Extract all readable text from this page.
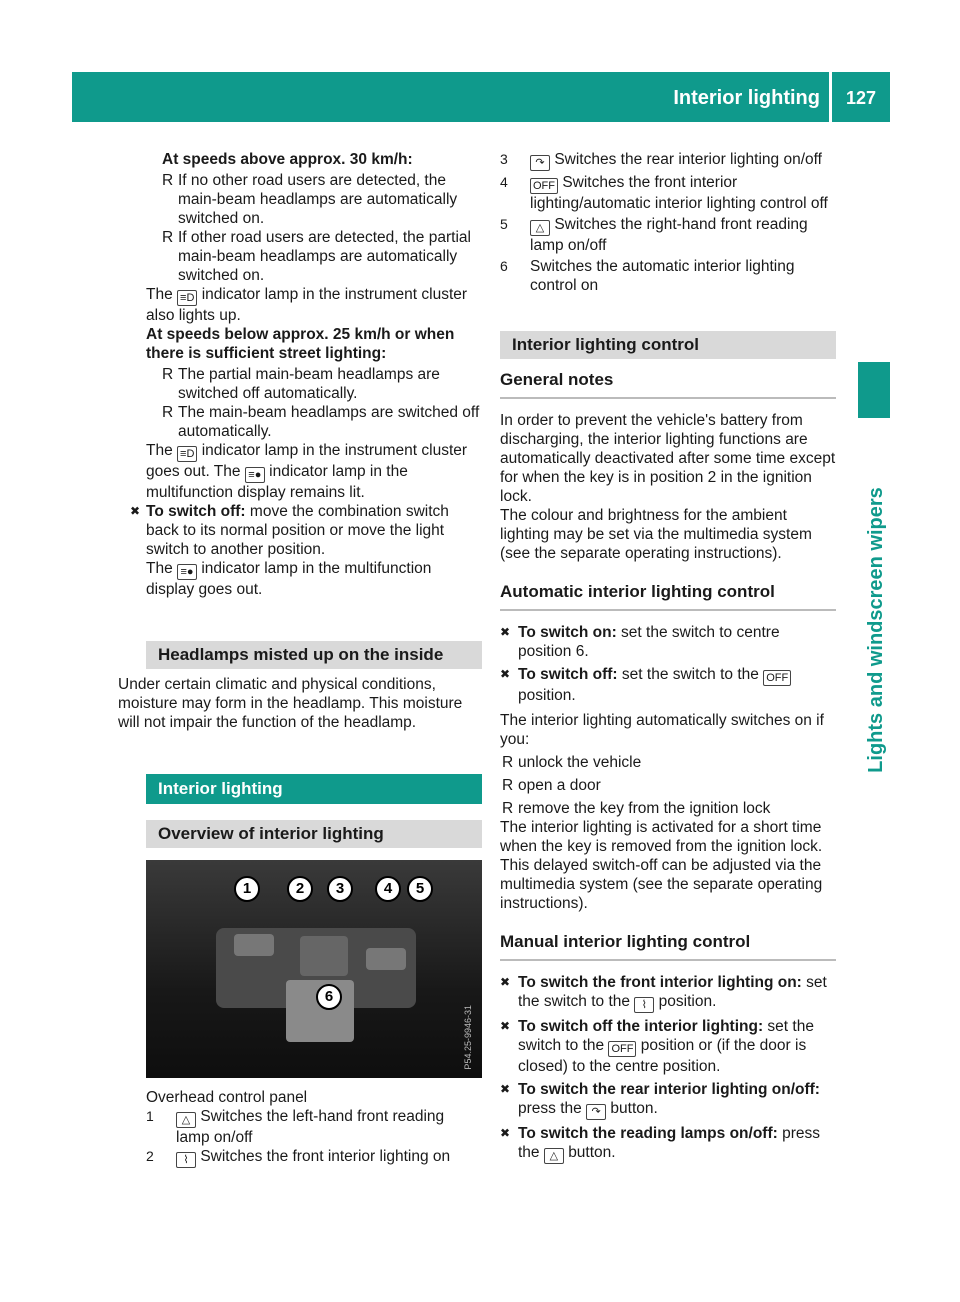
Interior lighting 127
Lights and windscreen wipers

At speeds above approx. 30 km/h:

R If no other road users are detected, the main-beam headlamps are automatically switched on.

R If other road users are detected, the partial main-beam headlamps are automatically switched on.

The ≡D indicator lamp in the instrument cluster also lights up.

At speeds below approx. 25 km/h or when there is sufficient street lighting:

R The partial main-beam headlamps are switched off automatically.

R The main-beam headlamps are switched off automatically.

The ≡D indicator lamp in the instrument cluster goes out. The ≡● indicator lamp in the multifunction display remains lit.

✖ To switch off: move the combination switch back to its normal position or move the light switch to another position.
The ≡● indicator lamp in the multifunction display goes out.

Headlamps misted up on the inside

Under certain climatic and physical conditions, moisture may form in the headlamp. This moisture will not impair the function of the headlamp.

Interior lighting
Overview of interior lighting
1	2	3	4	5
6
P54.25-9946-31

Overhead control panel

1	△ Switches the left-hand front reading lamp on/off

2	⌇ Switches the front interior lighting on

3	↷ Switches the rear interior lighting on/off

4 OFF Switches the front interior lighting/automatic interior lighting control off

5	△ Switches the right-hand front reading lamp on/off

6 Switches the automatic interior lighting control on

Interior lighting control
General notes

In order to prevent the vehicle's battery from discharging, the interior lighting functions are automatically deactivated after some time except for when the key is in position 2 in the ignition lock.

The colour and brightness for the ambient lighting may be set via the multimedia system (see the separate operating instructions).

Automatic interior lighting control

✖ To switch on: set the switch to centre position 6.

✖ To switch off: set the switch to the OFF position.

The interior lighting automatically switches on if you:

R unlock the vehicle

R open a door

R remove the key from the ignition lock

The interior lighting is activated for a short time when the key is removed from the ignition lock. This delayed switch-off can be adjusted via the multimedia system (see the separate operating instructions).

Manual interior lighting control

✖ To switch the front interior lighting on: set the switch to the ⌇ position.

✖ To switch off the interior lighting: set the switch to the OFF position or (if the door is closed) to the centre position.

✖ To switch the rear interior lighting on/off: press the ↷ button.

✖ To switch the reading lamps on/off: press the △ button.
